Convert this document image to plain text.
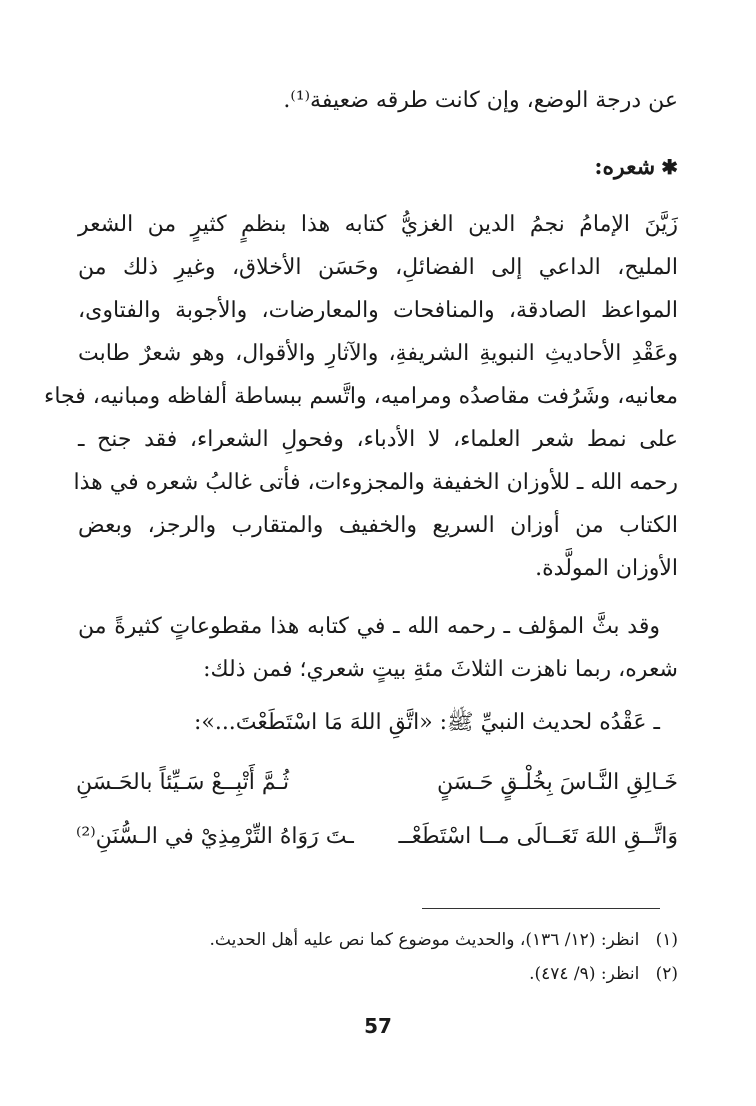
عن درجة الوضع، وإن كانت طرقه ضعيفة⁽¹⁾.
✱شعره:
زَيَّنَ الإمامُ نجمُ الدين الغزيُّ كتابه هذا بنظمٍ كثيرٍ من الشعر
المليح، الداعي إلى الفضائلِ، وحَسَن الأخلاق، وغيرِ ذلك من
المواعظ الصادقة، والمنافحات والمعارضات، والأجوبة والفتاوى،
وعَقْدِ الأحاديثِ النبويةِ الشريفةِ، والآثارِ والأقوال، وهو شعرٌ طابت
معانيه، وشَرُفت مقاصدُه ومراميه، واتَّسم ببساطة ألفاظه ومبانيه، فجاء
على نمط شعر العلماء، لا الأدباء، وفحولِ الشعراء، فقد جنح ـ
رحمه الله ـ للأوزان الخفيفة والمجزوءات، فأتى غالبُ شعره في هذا
الكتاب من أوزان السريع والخفيف والمتقارب والرجز، وبعض
الأوزان المولَّدة.
وقد بثَّ المؤلف ـ رحمه الله ـ في كتابه هذا مقطوعاتٍ كثيرةً من
شعره، ربما ناهزت الثلاثَ مئةِ بيتٍ شعري؛ فمن ذلك:
ـ عَقْدُه لحديث النبيِّ ﷺ: «اتَّقِ اللهَ مَا اسْتَطَعْتَ...»:
خَـالِقِ النَّـاسَ بِخُلْـقٍ حَـسَنٍ
ثُـمَّ أَتْبِــعْ سَـيِّئاً بالحَـسَنِ
وَاتَّــقِ اللهَ تَعَــالَى مــا اسْتَطَعْــ
ـتَ رَوَاهُ التِّرْمِذِيْ في الـسُّنَنِ⁽²⁾
(١)   انظر: (١٢/ ١٣٦)، والحديث موضوع كما نص عليه أهل الحديث.
(٢)   انظر: (٩/ ٤٧٤).
57
